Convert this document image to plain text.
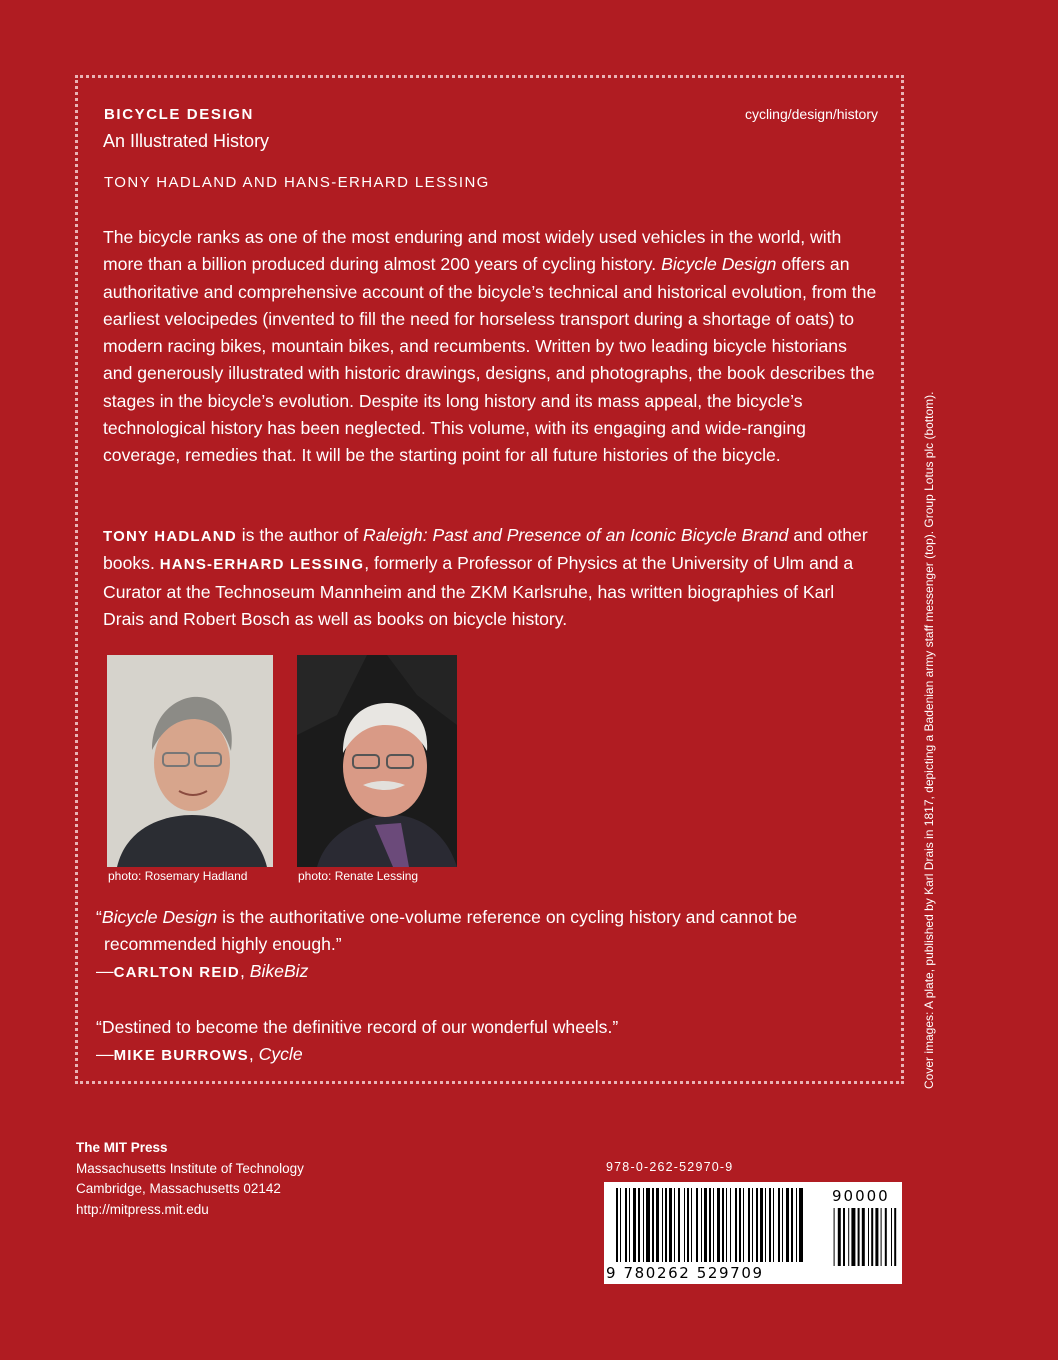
BICYCLE DESIGN
An Illustrated History
cycling/design/history
TONY HADLAND AND HANS-ERHARD LESSING
The bicycle ranks as one of the most enduring and most widely used vehicles in the world, with more than a billion produced during almost 200 years of cycling history. Bicycle Design offers an authoritative and comprehensive account of the bicycle’s technical and historical evolution, from the earliest velocipedes (invented to fill the need for horseless transport during a shortage of oats) to modern racing bikes, mountain bikes, and recumbents. Written by two leading bicycle historians and generously illustrated with historic drawings, designs, and photographs, the book describes the stages in the bicycle’s evolution. Despite its long history and its mass appeal, the bicycle’s technological history has been neglected. This volume, with its engaging and wide-ranging coverage, remedies that. It will be the starting point for all future histories of the bicycle.
TONY HADLAND is the author of Raleigh: Past and Presence of an Iconic Bicycle Brand and other books. HANS-ERHARD LESSING, formerly a Professor of Physics at the University of Ulm and a Curator at the Technoseum Mannheim and the ZKM Karlsruhe, has written biographies of Karl Drais and Robert Bosch as well as books on bicycle history.
photo: Rosemary Hadland	photo: Renate Lessing
“Bicycle Design is the authoritative one-volume reference on cycling history and cannot be recommended highly enough.”
—CARLTON REID, BikeBiz
“Destined to become the definitive record of our wonderful wheels.”
—MIKE BURROWS, Cycle	Cover images: A plate, published by Karl Drais in 1817, depicting a Badenian army staff messenger (top). Group Lotus plc (bottom).
The MIT Press
Massachusetts Institute of Technology
Cambridge, Massachusetts 02142
http://mitpress.mit.edu
978-0-262-52970-9
90000
9 780262 529709
